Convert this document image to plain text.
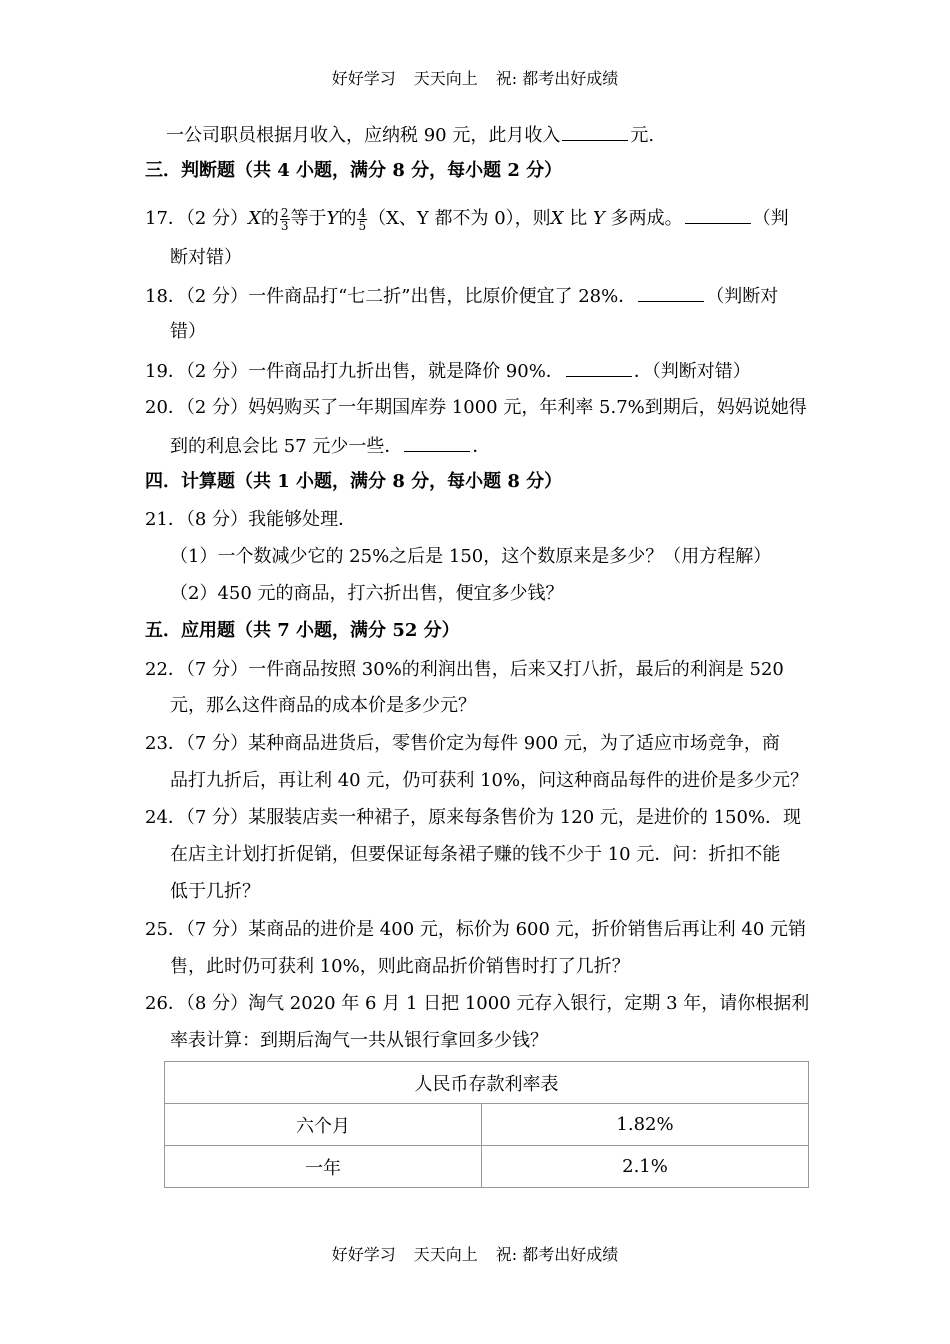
好好学习 天天向上 祝: 都考出好成绩
一公司职员根据月收入，应纳税 90 元，此月收入	元.
三．判断题（共 4 小题，满分 8 分，每小题 2 分）
17．（2 分）X的 $\frac{2}{3}$ 等于Y的 $\frac{4}{5} (X$、Y 都不为 0），则X 比 Y 多两成。	（判
断对错）
18．（2 分）一件商品打“七二折”出售，比原价便宜了 28%．	（判断对
错）
19．（2 分）一件商品打九折出售，就是降价 90%．	．（判断对错）
20．（2 分）妈妈购买了一年期国库券 1000 元，年利率 5.7%到期后，妈妈说她得
到的利息会比 57 元少一些．	．
四．计算题（共 1 小题，满分 8 分，每小题 8 分）
21．（8 分）我能够处理．
（1）一个数减少它的 25%之后是 150，这个数原来是多少？（用方程解）
（2）450 元的商品，打六折出售，便宜多少钱？
五．应用题（共 7 小题，满分 52 分）
22．（7 分）一件商品按照 30%的利润出售，后来又打八折，最后的利润是 520
元，那么这件商品的成本价是多少元？
23．（7 分）某种商品进货后，零售价定为每件 900 元，为了适应市场竞争，商
品打九折后，再让利 40 元，仍可获利 10%，问这种商品每件的进价是多少元？
24．（7 分）某服装店卖一种裙子，原来每条售价为 120 元，是进价的 150%．现
在店主计划打折促销，但要保证每条裙子赚的钱不少于 10 元．问：折扣不能
低于几折？
25．（7 分）某商品的进价是 400 元，标价为 600 元，折价销售后再让利 40 元销
售，此时仍可获利 10%，则此商品折价销售时打了几折？
26．（8 分）淘气 2020 年 6 月 1 日把 1000 元存入银行，定期 3 年，请你根据利
率表计算：到期后淘气一共从银行拿回多少钱？
人民币存款利率表	
六个月	1.82%
一年	2.1%
好好学习 天天向上 祝: 都考出好成绩
